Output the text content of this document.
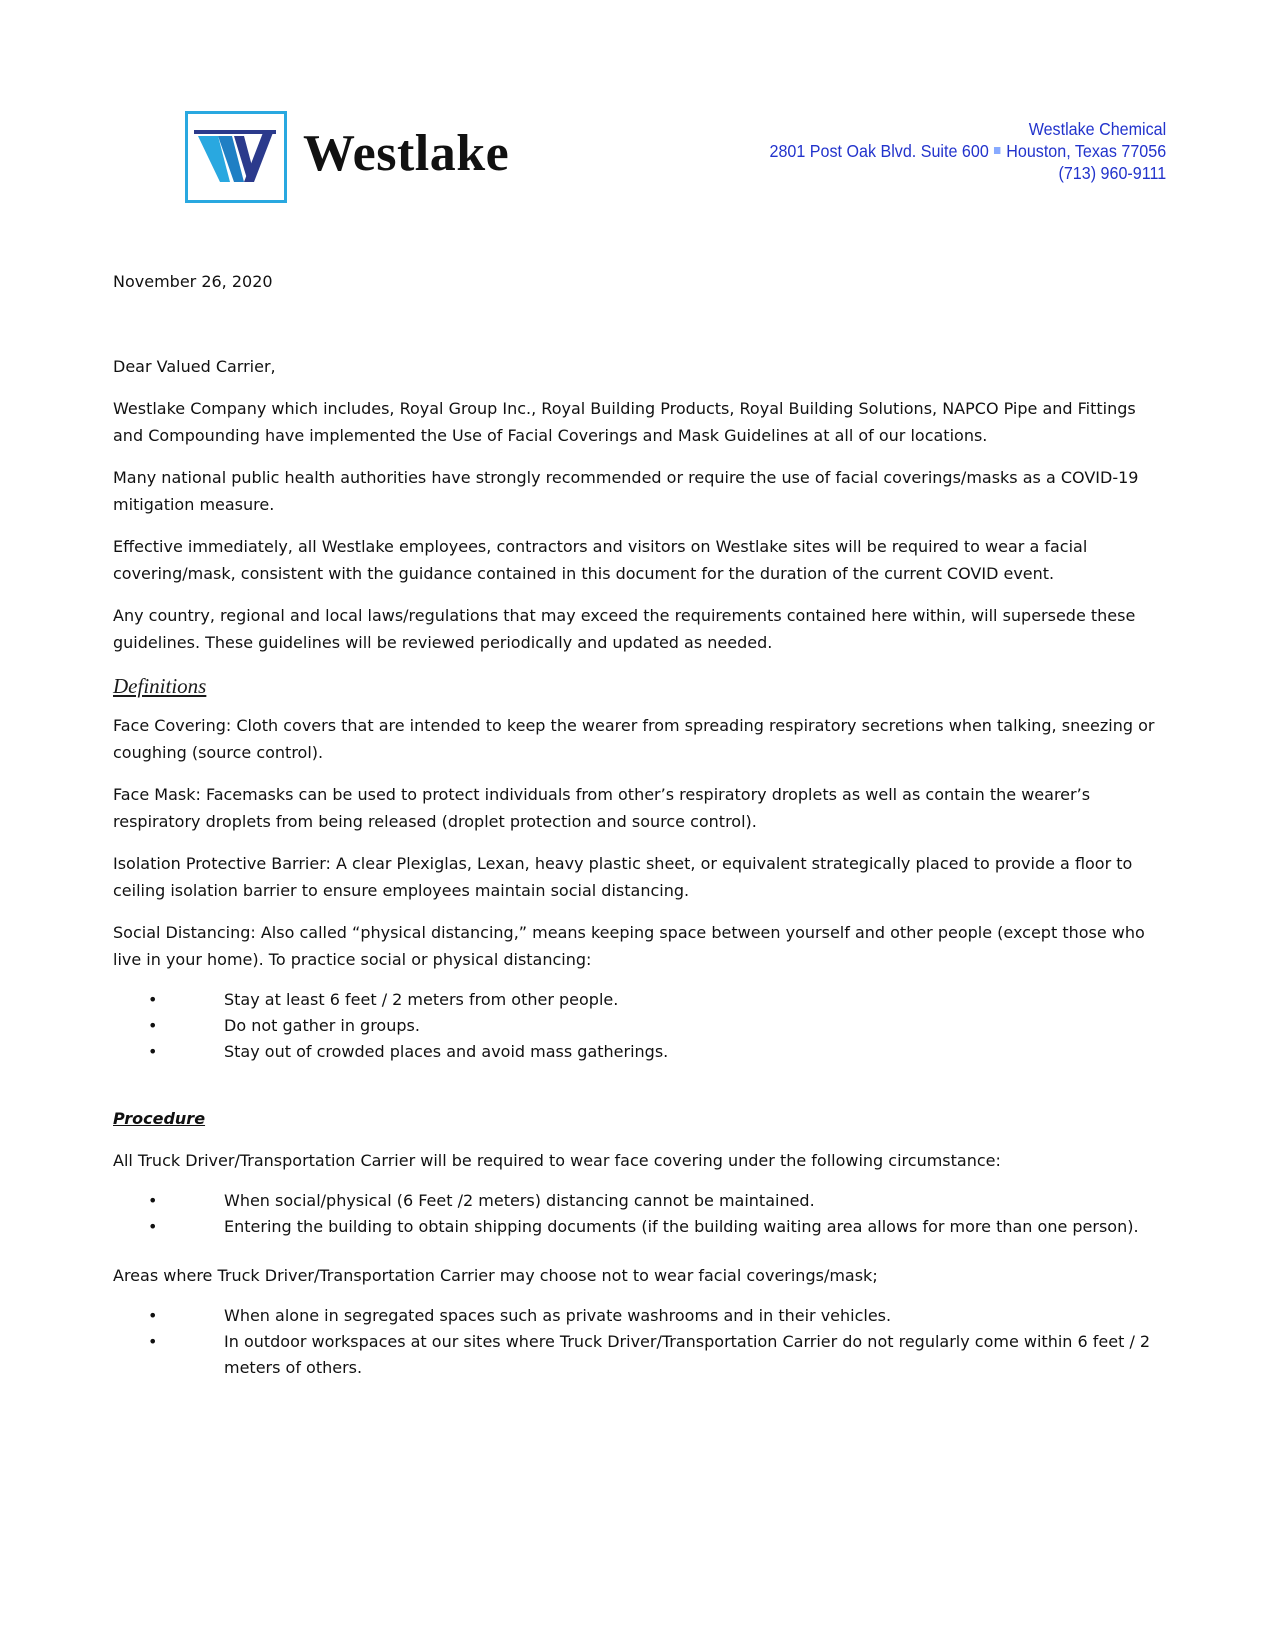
Westlake	Westlake Chemical
2801 Post Oak Blvd. Suite 600 Houston, Texas 77056
(713) 960-9111

November 26, 2020

Dear Valued Carrier,

Westlake Company which includes, Royal Group Inc., Royal Building Products, Royal Building Solutions, NAPCO Pipe and Fittings and Compounding have implemented the Use of Facial Coverings and Mask Guidelines at all of our locations.

Many national public health authorities have strongly recommended or require the use of facial coverings/masks as a COVID-19 mitigation measure.

Effective immediately, all Westlake employees, contractors and visitors on Westlake sites will be required to wear a facial covering/mask, consistent with the guidance contained in this document for the duration of the current COVID event.

Any country, regional and local laws/regulations that may exceed the requirements contained here within, will supersede these guidelines. These guidelines will be reviewed periodically and updated as needed.

Definitions

Face Covering: Cloth covers that are intended to keep the wearer from spreading respiratory secretions when talking, sneezing or coughing (source control).

Face Mask: Facemasks can be used to protect individuals from other’s respiratory droplets as well as contain the wearer’s respiratory droplets from being released (droplet protection and source control).

Isolation Protective Barrier: A clear Plexiglas, Lexan, heavy plastic sheet, or equivalent strategically placed to provide a floor to ceiling isolation barrier to ensure employees maintain social distancing.

Social Distancing: Also called “physical distancing,” means keeping space between yourself and other people (except those who live in your home). To practice social or physical distancing:

•	Stay at least 6 feet / 2 meters from other people.
•	Do not gather in groups.
•	Stay out of crowded places and avoid mass gatherings.

Procedure

All Truck Driver/Transportation Carrier will be required to wear face covering under the following circumstance:

•	When social/physical (6 Feet /2 meters) distancing cannot be maintained.
•	Entering the building to obtain shipping documents (if the building waiting area allows for more than one person).

Areas where Truck Driver/Transportation Carrier may choose not to wear facial coverings/mask;

•	When alone in segregated spaces such as private washrooms and in their vehicles.
•	In outdoor workspaces at our sites where Truck Driver/Transportation Carrier do not regularly come within 6 feet / 2 meters of others.
